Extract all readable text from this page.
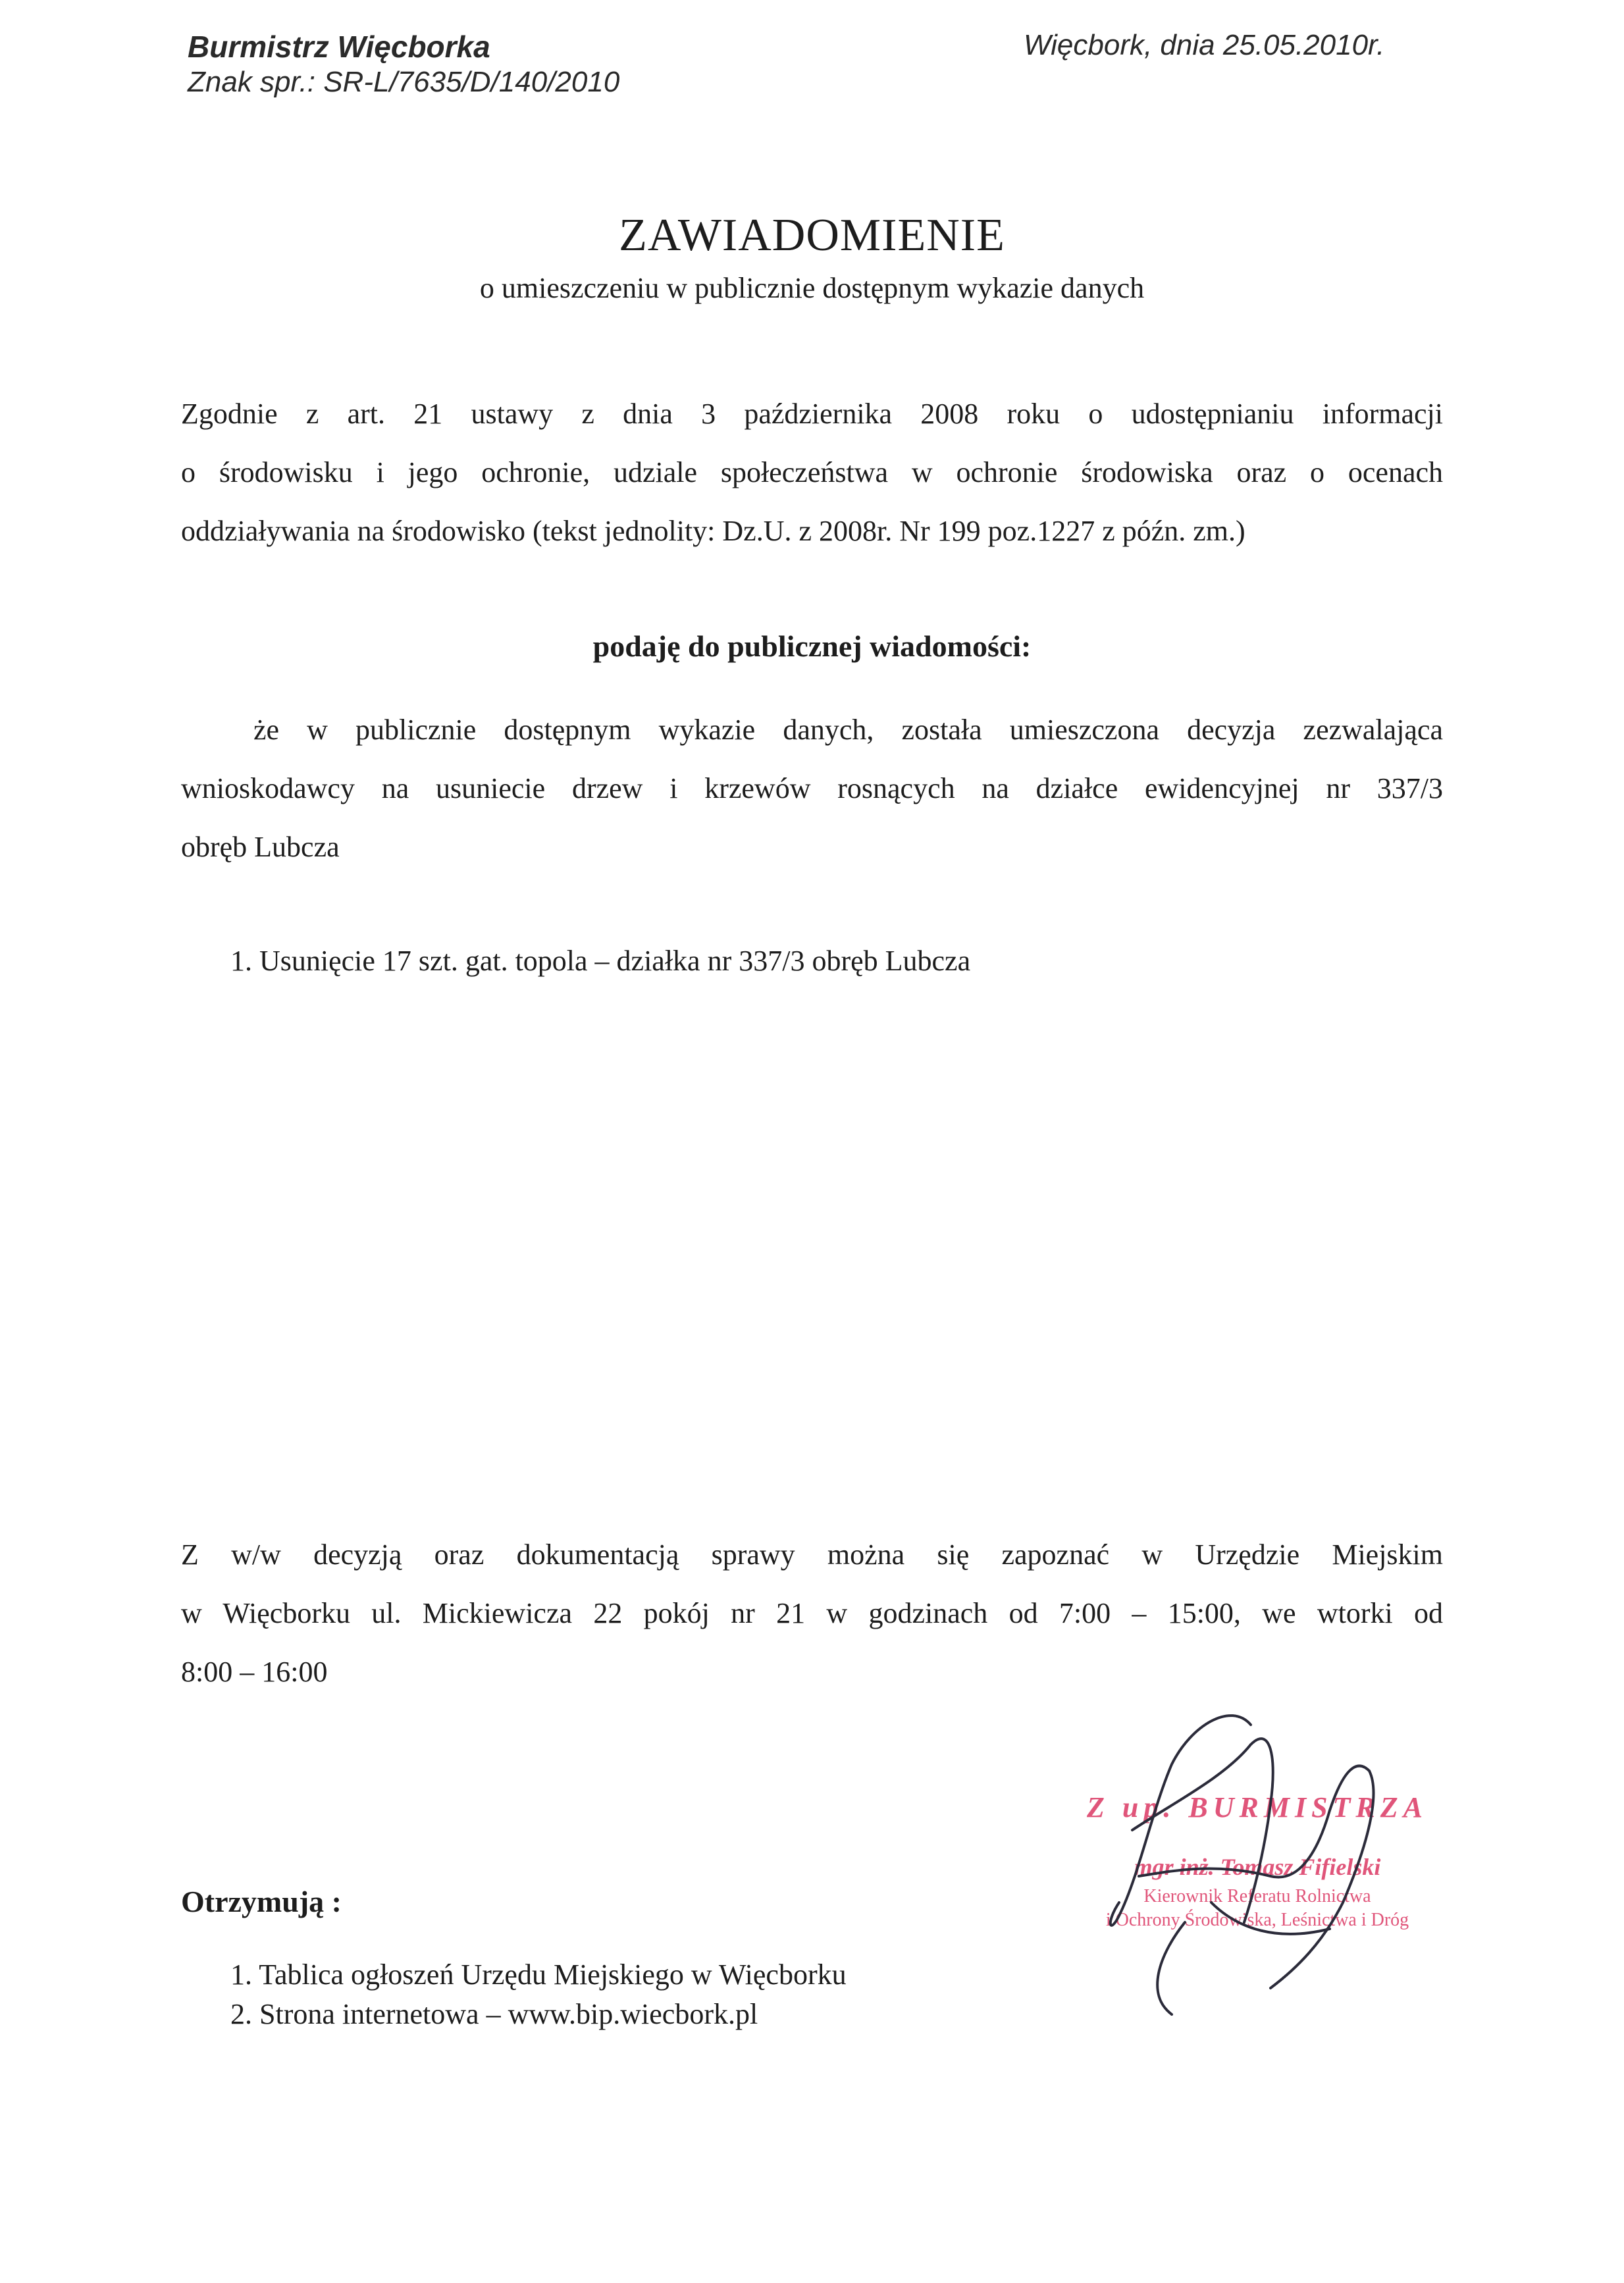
Burmistrz Więcborka
Znak spr.: SR-L/7635/D/140/2010
Więcbork, dnia 25.05.2010r.
ZAWIADOMIENIE
o umieszczeniu w publicznie dostępnym wykazie danych
Zgodnie z art. 21 ustawy z dnia 3 października 2008 roku o udostępnianiu informacji
o środowisku i jego ochronie, udziale społeczeństwa w ochronie środowiska oraz o ocenach
oddziaływania na środowisko (tekst jednolity: Dz.U. z 2008r. Nr 199 poz.1227 z późn. zm.)
podaję do publicznej wiadomości:
że w publicznie dostępnym wykazie danych, została umieszczona decyzja zezwalająca
wnioskodawcy na usuniecie drzew i krzewów rosnących na działce ewidencyjnej nr 337/3
obręb Lubcza
1. Usunięcie 17 szt. gat. topola – działka nr 337/3 obręb Lubcza
Z w/w decyzją oraz dokumentacją sprawy można się zapoznać w Urzędzie Miejskim
w Więcborku ul. Mickiewicza 22 pokój nr 21 w godzinach od 7:00 – 15:00, we wtorki od
8:00 – 16:00
Z up. BURMISTRZA
mgr inż. Tomasz Fifielski
Kierownik Referatu Rolnictwa
i Ochrony Środowiska, Leśnictwa i Dróg
Otrzymują :
1. Tablica ogłoszeń Urzędu Miejskiego w Więcborku
2. Strona internetowa – www.bip.wiecbork.pl
